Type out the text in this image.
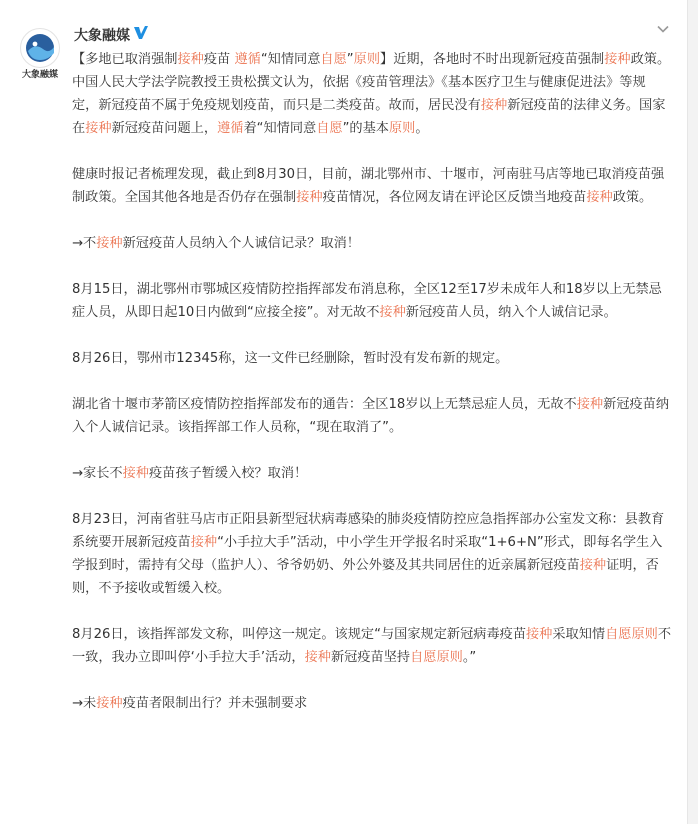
大象融媒
大象融媒

【多地已取消强制接种疫苗 遵循“知情同意自愿”原则】近期，各地时不时出现新冠疫苗强制接种政策。中国人民大学法学院教授王贵松撰文认为，依据《疫苗管理法》《基本医疗卫生与健康促进法》等规定，新冠疫苗不属于免疫规划疫苗，而只是二类疫苗。故而，居民没有接种新冠疫苗的法律义务。国家在接种新冠疫苗问题上，遵循着“知情同意自愿”的基本原则。

健康时报记者梳理发现，截止到8月30日，目前，湖北鄂州市、十堰市，河南驻马店等地已取消疫苗强制政策。全国其他各地是否仍存在强制接种疫苗情况，各位网友请在评论区反馈当地疫苗接种政策。

→不接种新冠疫苗人员纳入个人诚信记录？取消！

8月15日，湖北鄂州市鄂城区疫情防控指挥部发布消息称，全区12至17岁未成年人和18岁以上无禁忌症人员，从即日起10日内做到“应接全接”。对无故不接种新冠疫苗人员，纳入个人诚信记录。

8月26日，鄂州市12345称，这一文件已经删除，暂时没有发布新的规定。

湖北省十堰市茅箭区疫情防控指挥部发布的通告：全区18岁以上无禁忌症人员，无故不接种新冠疫苗纳入个人诚信记录。该指挥部工作人员称，“现在取消了”。

→家长不接种疫苗孩子暂缓入校？取消！

8月23日，河南省驻马店市正阳县新型冠状病毒感染的肺炎疫情防控应急指挥部办公室发文称：县教育系统要开展新冠疫苗接种“小手拉大手”活动，中小学生开学报名时采取“1+6+N”形式，即每名学生入学报到时，需持有父母（监护人）、爷爷奶奶、外公外婆及其共同居住的近亲属新冠疫苗接种证明，否则，不予接收或暂缓入校。

8月26日，该指挥部发文称，叫停这一规定。该规定“与国家规定新冠病毒疫苗接种采取知情自愿原则不一致，我办立即叫停‘小手拉大手’活动，接种新冠疫苗坚持自愿原则。”

→未接种疫苗者限制出行？并未强制要求
